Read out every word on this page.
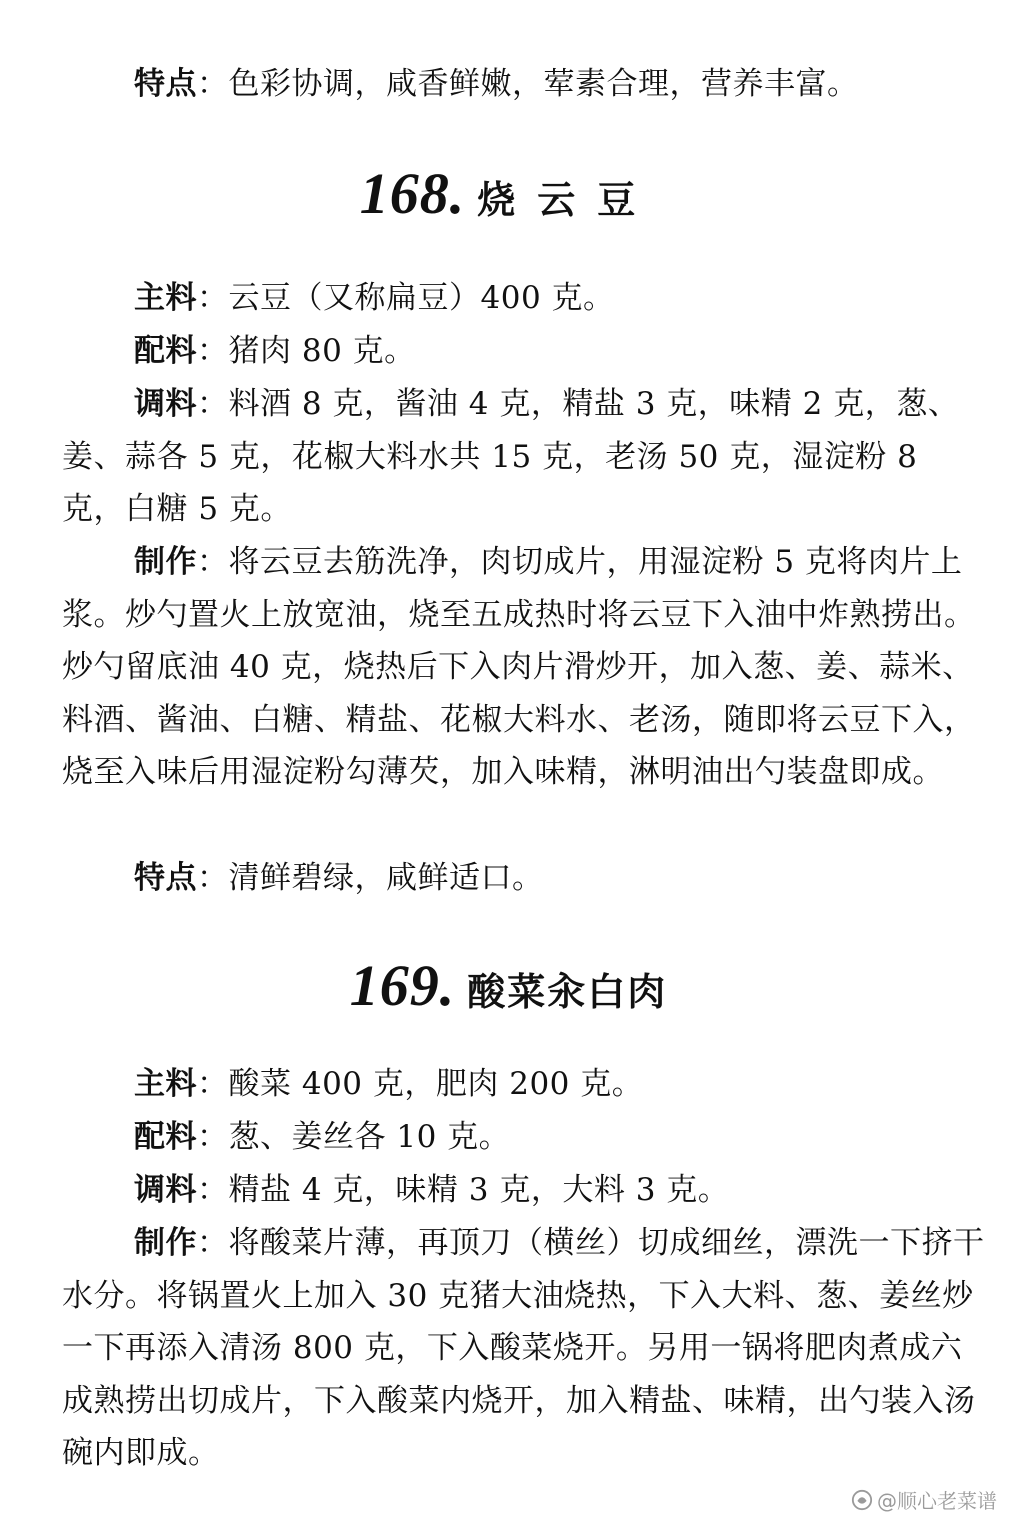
特点：色彩协调，咸香鲜嫩，荤素合理，营养丰富。

168. 烧云豆

主料：云豆（又称扁豆）400 克。

配料：猪肉 80 克。

调料：料酒 8 克，酱油 4 克，精盐 3 克，味精 2 克，葱、姜、蒜各 5 克，花椒大料水共 15 克，老汤 50 克，湿淀粉 8 克，白糖 5 克。

制作：将云豆去筋洗净，肉切成片，用湿淀粉 5 克将肉片上浆。炒勺置火上放宽油，烧至五成热时将云豆下入油中炸熟捞出。炒勺留底油 40 克，烧热后下入肉片滑炒开，加入葱、姜、蒜米、料酒、酱油、白糖、精盐、花椒大料水、老汤，随即将云豆下入，烧至入味后用湿淀粉勾薄芡，加入味精，淋明油出勺装盘即成。

特点：清鲜碧绿，咸鲜适口。

169. 酸菜汆白肉

主料：酸菜 400 克，肥肉 200 克。

配料：葱、姜丝各 10 克。

调料：精盐 4 克，味精 3 克，大料 3 克。

制作：将酸菜片薄，再顶刀（横丝）切成细丝，漂洗一下挤干水分。将锅置火上加入 30 克猪大油烧热，下入大料、葱、姜丝炒一下再添入清汤 800 克，下入酸菜烧开。另用一锅将肥肉煮成六成熟捞出切成片，下入酸菜内烧开，加入精盐、味精，出勺装入汤碗内即成。

@顺心老菜谱
